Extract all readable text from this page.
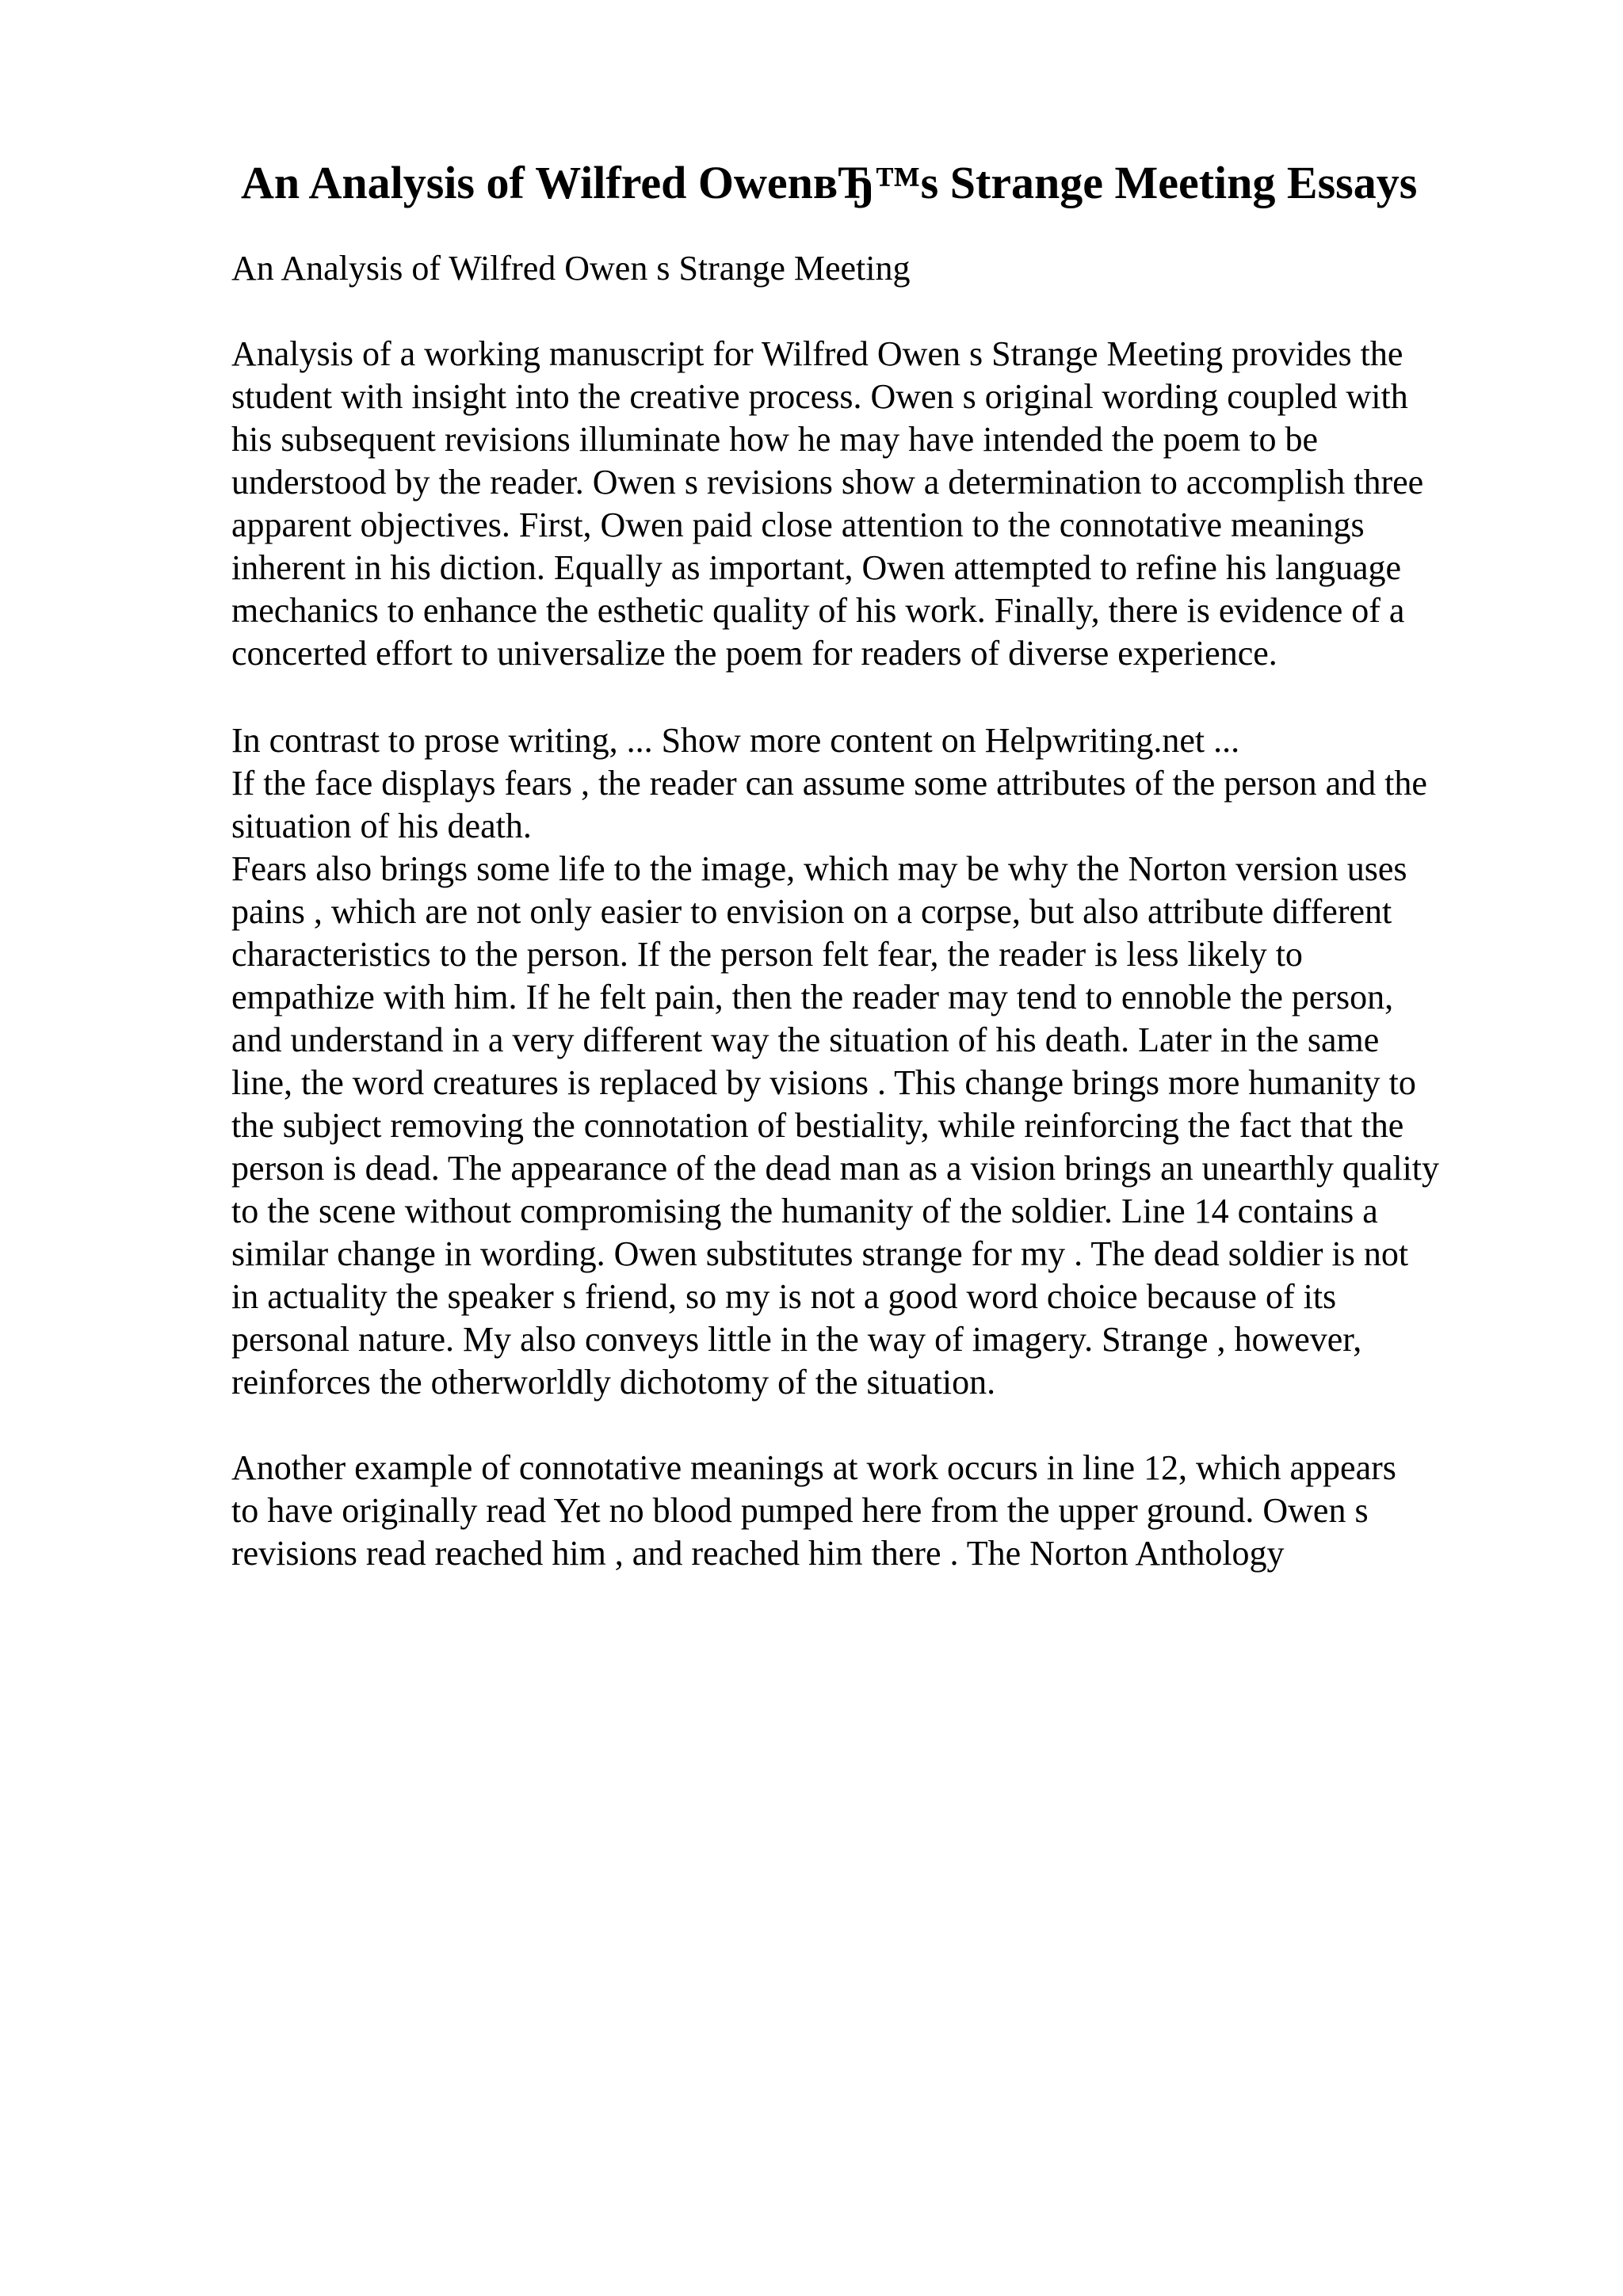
An Analysis of Wilfred OwenвЂ™s Strange Meeting Essays

An Analysis of Wilfred Owen s Strange Meeting

Analysis of a working manuscript for Wilfred Owen s Strange Meeting provides the
student with insight into the creative process. Owen s original wording coupled with
his subsequent revisions illuminate how he may have intended the poem to be
understood by the reader. Owen s revisions show a determination to accomplish three
apparent objectives. First, Owen paid close attention to the connotative meanings
inherent in his diction. Equally as important, Owen attempted to refine his language
mechanics to enhance the esthetic quality of his work. Finally, there is evidence of a
concerted effort to universalize the poem for readers of diverse experience.

In contrast to prose writing, ... Show more content on Helpwriting.net ...
If the face displays fears , the reader can assume some attributes of the person and the
situation of his death.
Fears also brings some life to the image, which may be why the Norton version uses
pains , which are not only easier to envision on a corpse, but also attribute different
characteristics to the person. If the person felt fear, the reader is less likely to
empathize with him. If he felt pain, then the reader may tend to ennoble the person,
and understand in a very different way the situation of his death. Later in the same
line, the word creatures is replaced by visions . This change brings more humanity to
the subject removing the connotation of bestiality, while reinforcing the fact that the
person is dead. The appearance of the dead man as a vision brings an unearthly quality
to the scene without compromising the humanity of the soldier. Line 14 contains a
similar change in wording. Owen substitutes strange for my . The dead soldier is not
in actuality the speaker s friend, so my is not a good word choice because of its
personal nature. My also conveys little in the way of imagery. Strange , however,
reinforces the otherworldly dichotomy of the situation.

Another example of connotative meanings at work occurs in line 12, which appears
to have originally read Yet no blood pumped here from the upper ground. Owen s
revisions read reached him , and reached him there . The Norton Anthology
